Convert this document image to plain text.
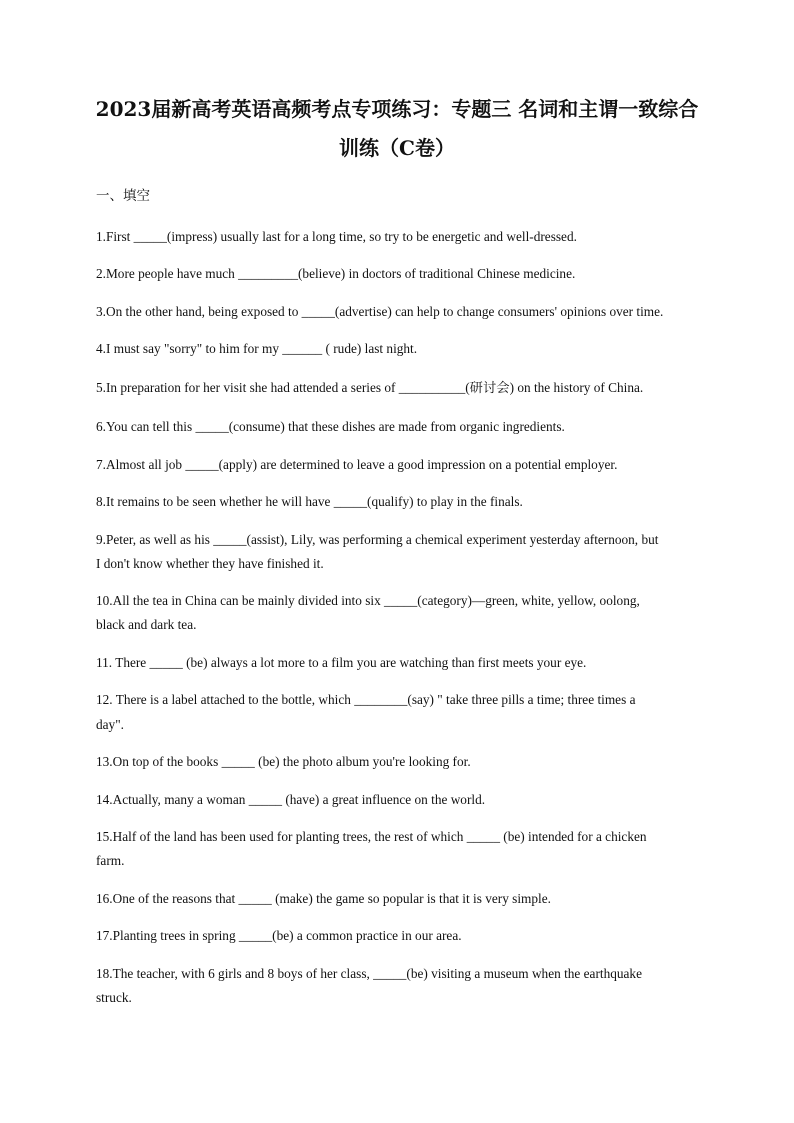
2023届新高考英语高频考点专项练习：专题三 名词和主谓一致综合
训练（C卷）
一、填空
1.First _____(impress) usually last for a long time, so try to be energetic and well-dressed.
2.More people have much _________(believe) in doctors of traditional Chinese medicine.
3.On the other hand, being exposed to _____(advertise) can help to change consumers' opinions over time.
4.I must say "sorry" to him for my ______ ( rude) last night.
5.In preparation for her visit she had attended a series of __________(研讨会) on the history of China.
6.You can tell this _____(consume) that these dishes are made from organic ingredients.
7.Almost all job _____(apply) are determined to leave a good impression on a potential employer.
8.It remains to be seen whether he will have _____(qualify) to play in the finals.
9.Peter, as well as his _____(assist), Lily, was performing a chemical experiment yesterday afternoon, but
I don't know whether they have finished it.
10.All the tea in China can be mainly divided into six _____(category)—green, white, yellow, oolong,
black and dark tea.
11. There _____ (be) always a lot more to a film you are watching than first meets your eye.
12. There is a label attached to the bottle, which ________(say) " take three pills a time; three times a
day".
13.On top of the books _____ (be) the photo album you're looking for.
14.Actually, many a woman _____ (have) a great influence on the world.
15.Half of the land has been used for planting trees, the rest of which _____ (be) intended for a chicken
farm.
16.One of the reasons that _____ (make) the game so popular is that it is very simple.
17.Planting trees in spring _____(be) a common practice in our area.
18.The teacher, with 6 girls and 8 boys of her class, _____(be) visiting a museum when the earthquake
struck.
